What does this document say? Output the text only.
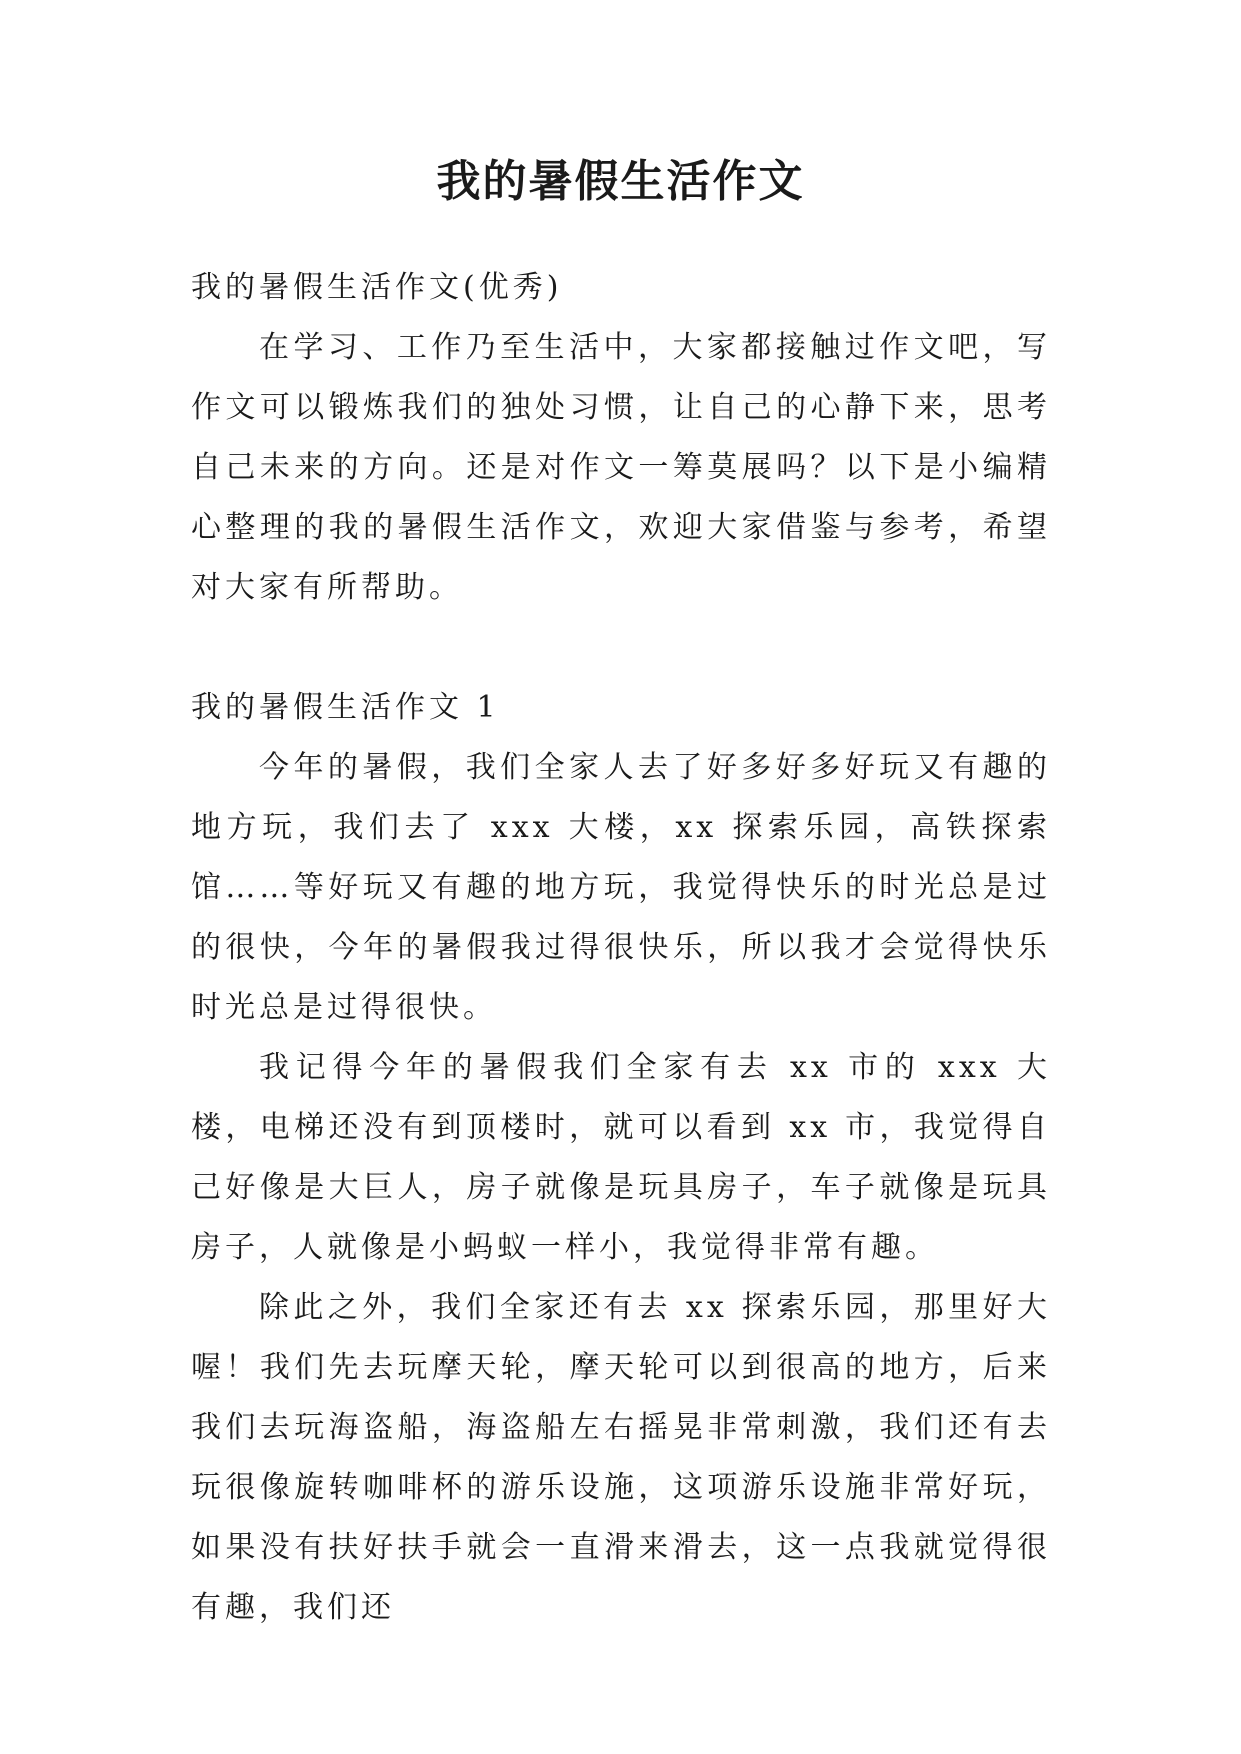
我的暑假生活作文

我的暑假生活作文(优秀)

在学习、工作乃至生活中，大家都接触过作文吧，写作文可以锻炼我们的独处习惯，让自己的心静下来，思考自己未来的方向。还是对作文一筹莫展吗？以下是小编精心整理的我的暑假生活作文，欢迎大家借鉴与参考，希望对大家有所帮助。

我的暑假生活作文 1

今年的暑假，我们全家人去了好多好多好玩又有趣的地方玩，我们去了 xxx 大楼，xx 探索乐园，高铁探索馆……等好玩又有趣的地方玩，我觉得快乐的时光总是过的很快，今年的暑假我过得很快乐，所以我才会觉得快乐时光总是过得很快。

我记得今年的暑假我们全家有去 xx 市的 xxx 大楼，电梯还没有到顶楼时，就可以看到 xx 市，我觉得自己好像是大巨人，房子就像是玩具房子，车子就像是玩具房子，人就像是小蚂蚁一样小，我觉得非常有趣。

除此之外，我们全家还有去 xx 探索乐园，那里好大喔！我们先去玩摩天轮，摩天轮可以到很高的地方，后来我们去玩海盗船，海盗船左右摇晃非常刺激，我们还有去玩很像旋转咖啡杯的游乐设施，这项游乐设施非常好玩，如果没有扶好扶手就会一直滑来滑去，这一点我就觉得很有趣，我们还
